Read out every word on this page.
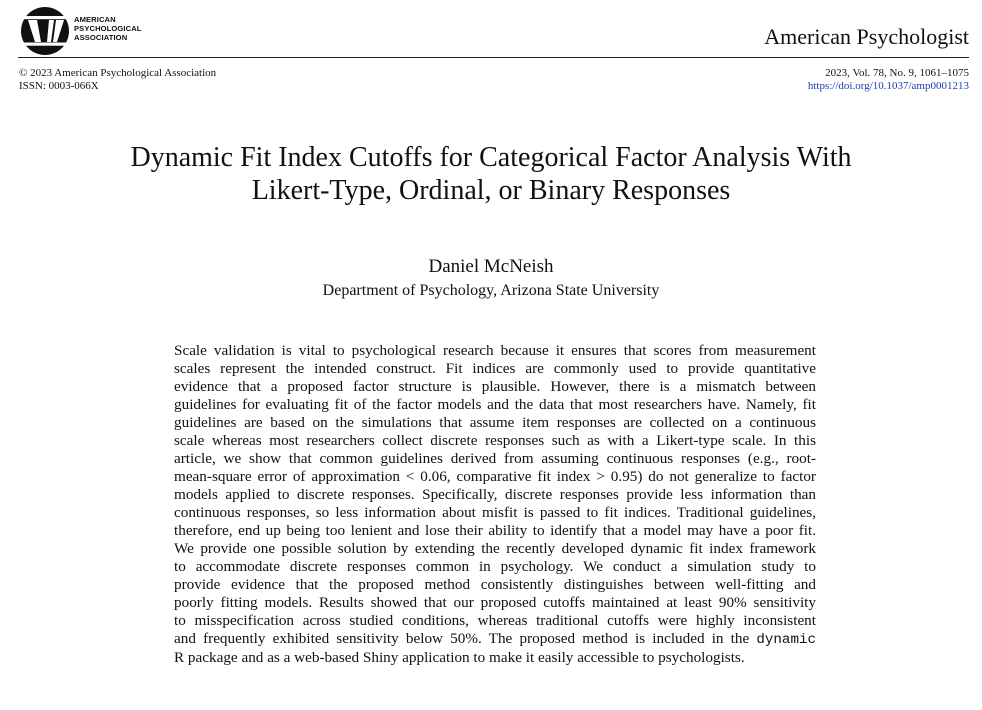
AMERICAN
PSYCHOLOGICAL
ASSOCIATION	American Psychologist
© 2023 American Psychological Association
ISSN: 0003-066X
2023, Vol. 78, No. 9, 1061–1075
https://doi.org/10.1037/amp0001213
Dynamic Fit Index Cutoffs for Categorical Factor Analysis With
Likert-Type, Ordinal, or Binary Responses
Daniel McNeish
Department of Psychology, Arizona State University
Scale validation is vital to psychological research because it ensures that scores from measurement
scales represent the intended construct. Fit indices are commonly used to provide quantitative
evidence that a proposed factor structure is plausible. However, there is a mismatch between
guidelines for evaluating fit of the factor models and the data that most researchers have. Namely, fit
guidelines are based on the simulations that assume item responses are collected on a continuous
scale whereas most researchers collect discrete responses such as with a Likert-type scale. In this
article, we show that common guidelines derived from assuming continuous responses (e.g., root-
mean-square error of approximation < 0.06, comparative fit index > 0.95) do not generalize to factor
models applied to discrete responses. Specifically, discrete responses provide less information than
continuous responses, so less information about misfit is passed to fit indices. Traditional guidelines,
therefore, end up being too lenient and lose their ability to identify that a model may have a poor fit.
We provide one possible solution by extending the recently developed dynamic fit index framework
to accommodate discrete responses common in psychology. We conduct a simulation study to
provide evidence that the proposed method consistently distinguishes between well-fitting and
poorly fitting models. Results showed that our proposed cutoffs maintained at least 90% sensitivity
to misspecification across studied conditions, whereas traditional cutoffs were highly inconsistent
and frequently exhibited sensitivity below 50%. The proposed method is included in the dynamic
R package and as a web-based Shiny application to make it easily accessible to psychologists.
